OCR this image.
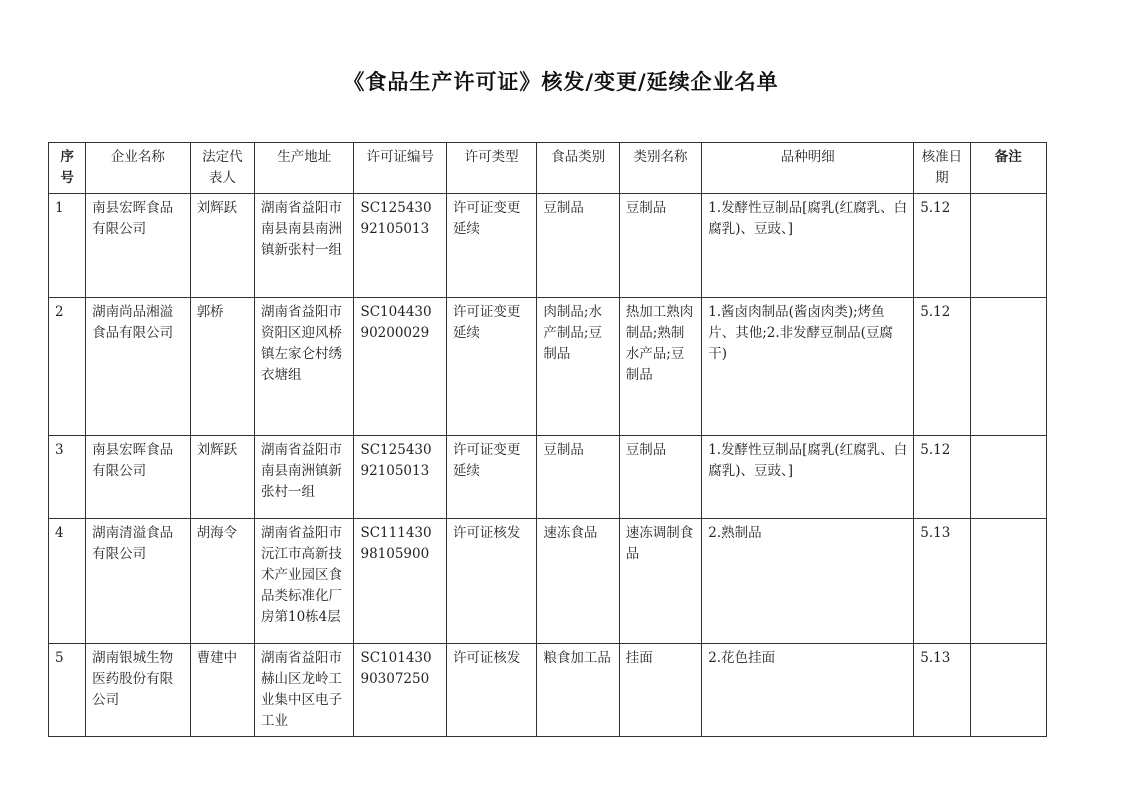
《食品生产许可证》核发/变更/延续企业名单
序号	企业名称	法定代表人	生产地址	许可证编号	许可类型	食品类别	类别名称	品种明细	核准日期	备注
1	南县宏晖食品有限公司	刘辉跃	湖南省益阳市南县南县南洲镇新张村一组	SC12543092105013	许可证变更延续	豆制品	豆制品	1.发酵性豆制品[腐乳(红腐乳、白腐乳)、豆豉、]	5.12	
2	湖南尚品湘溢食品有限公司	郭桥	湖南省益阳市资阳区迎风桥镇左家仑村绣衣塘组	SC10443090200029	许可证变更延续	肉制品;水产制品;豆制品	热加工熟肉制品;熟制水产品;豆制品	1.酱卤肉制品(酱卤肉类);烤鱼片、其他;2.非发酵豆制品(豆腐干)	5.12	
3	南县宏晖食品有限公司	刘辉跃	湖南省益阳市南县南洲镇新张村一组	SC12543092105013	许可证变更延续	豆制品	豆制品	1.发酵性豆制品[腐乳(红腐乳、白腐乳)、豆豉、]	5.12	
4	湖南清溢食品有限公司	胡海令	湖南省益阳市沅江市高新技术产业园区食品类标准化厂房第10栋4层	SC11143098105900	许可证核发	速冻食品	速冻调制食品	2.熟制品	5.13	
5	湖南银城生物医药股份有限公司	曹建中	湖南省益阳市赫山区龙岭工业集中区电子工业	SC10143090307250	许可证核发	粮食加工品	挂面	2.花色挂面	5.13	
